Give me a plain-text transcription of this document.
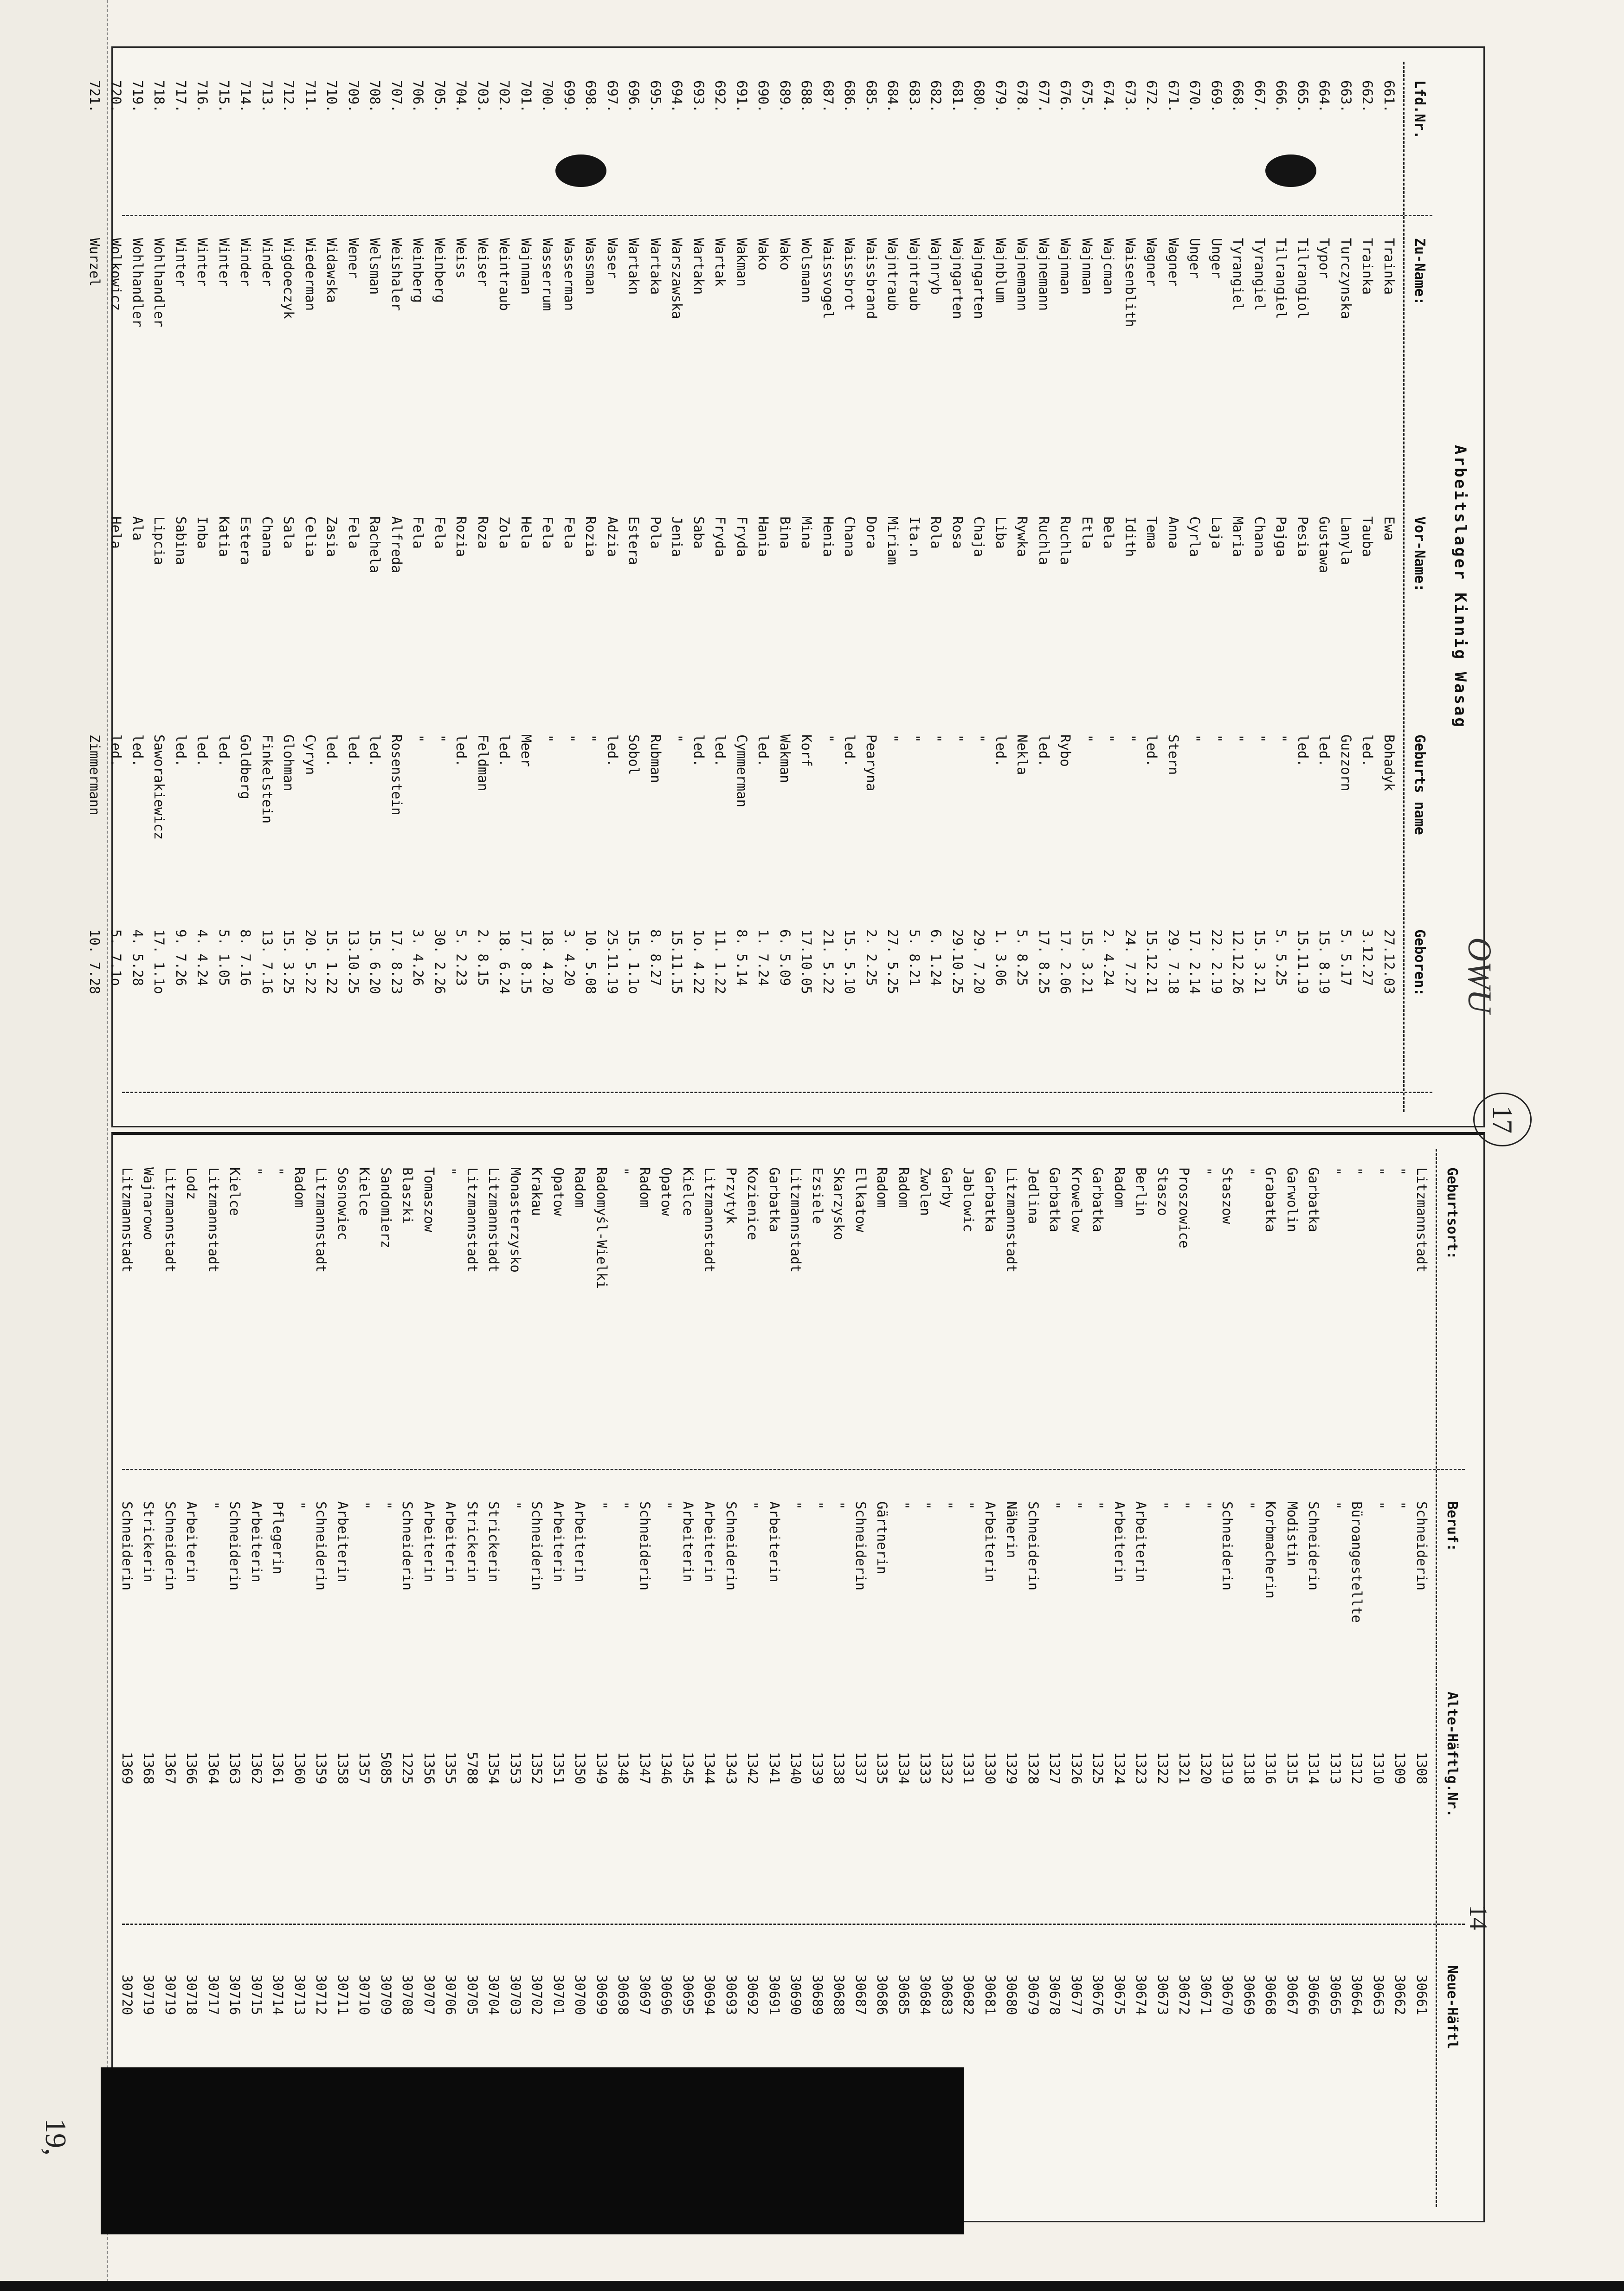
Arbeitslager Kinnig Wasag
Lfd.Nr.
Zu-Name:
Vor-Name:
Geburts name
Geboren:
661.
Trainka
Ewa
Bohadyk
27.12.03
662.
Trainka
Tauba
led.
3.12.27
663.
Turczynska
Lanyla
Guzzorn
5. 5.17
664.
Typor
Gustawa
led.
15. 8.19
665.
Tilrangiol
Pesia
led.
15.11.19
666.
Tilrangiel
Pajga
"
5. 5.25
667.
Tyrangiel
Chana
"
15. 3.21
668.
Tyrangiel
Maria
"
12.12.26
669.
Unger
Laja
"
22. 2.19
670.
Unger
Cyrla
"
17. 2.14
671.
Wagner
Anna
Stern
29. 7.18
672.
Wagner
Tema
led.
15.12.21
673.
Waisenblith
Idith
"
24. 7.27
674.
Wajcman
Bela
"
2. 4.24
675.
Wajnman
Etla
"
15. 3.21
676.
Wajnman
Ruchla
Rybo
17. 2.06
677.
Wajnemann
Ruchla
led.
17. 8.25
678.
Wajnemann
Rywka
Nekla
5. 8.25
679.
Wajnblum
Liba
led.
1. 3.06
680.
Wajngarten
Chaja
"
29. 7.20
681.
Wajngarten
Rosa
"
29.10.25
682.
Wajnryb
Rola
"
6. 1.24
683.
Wajntraub
Ita.n
"
5. 8.21
684.
Wajntraub
Miriam
"
27. 5.25
685.
Waissbrand
Dora
Pearyna
2. 2.25
686.
Waissbrot
Chana
led.
15. 5.10
687.
Waissvogel
Henia
"
21. 5.22
688.
Wolsmann
Mina
Korf
17.10.05
689.
Wako
Bina
Wakman
6. 5.09
690.
Wako
Hania
led.
1. 7.24
691.
Wakman
Fryda
Cymmerman
8. 5.14
692.
Wartak
Fryda
led.
11. 1.22
693.
Wartakn
Saba
led.
1o. 4.22
694.
Warszawska
Jenia
"
15.11.15
695.
Wartaka
Pola
Rubman
8. 8.27
696.
Wartakn
Estera
Sobol
15. 1.1o
697.
Waser
Adzia
led.
25.11.19
698.
Wassman
Rozia
"
10. 5.08
699.
Wasserman
Fela
"
3. 4.20
700.
Wasserrum
Fela
"
18. 4.20
701.
Wajnman
Hela
Meer
17. 8.15
702.
Weintraub
Zola
led.
18. 6.24
703.
Weiser
Roza
Feldman
2. 8.15
704.
Weiss
Rozia
led.
5. 2.23
705.
Weinberg
Fela
"
30. 2.26
706.
Weinberg
Fela
"
3. 4.26
707.
Weishaler
Alfreda
Rosenstein
17. 8.23
708.
Welsman
Rachela
led.
15. 6.20
709.
Wener
Fela
led.
13.10.25
710.
Widawska
Zasia
led.
15. 1.22
711.
Wiederman
Celia
Cyryn
20. 5.22
712.
Wigdoeczyk
Sala
Glohman
15. 3.25
713.
Winder
Chana
Finkelstein
13. 7.16
714.
Winder
Estera
Goldberg
8. 7.16
715.
Winter
Katia
led.
5. 1.05
716.
Winter
Inba
led.
4. 4.24
717.
Winter
Sabina
led.
9. 7.26
718.
Wohlhandler
Lipcia
Saworakiewicz
17. 1.1o
719.
Wohlhandler
Ala
led.
4. 5.28
720.
Wolkowicz
Hela
led.
5. 7.1o
721.
Wurzel
Zimmermann
10. 7.28
Geburtsort:
Beruf:
Alte-Häftlg.Nr.
Neue-Häftl
Litzmannstadt
Schneiderin
1308
30661
"
"
1309
30662
"
"
1310
30663
"
Büroangestellte
1312
30664
"
"
1313
30665
Garbatka
Schneiderin
1314
30666
Garwolin
Modistin
1315
30667
Grabatka
Korbmacherin
1316
30668
"
"
1318
30669
Staszow
Schneiderin
1319
30670
"
"
1320
30671
Proszowice
"
1321
30672
Staszo
"
1322
30673
Berlin
Arbeiterin
1323
30674
Radom
Arbeiterin
1324
30675
Garbatka
"
1325
30676
Krowelow
"
1326
30677
Garbatka
"
1327
30678
Jedlina
Schneiderin
1328
30679
Litzmannstadt
Näherin
1329
30680
Garbatka
Arbeiterin
1330
30681
Jablowic
"
1331
30682
Garby
"
1332
30683
Zwolen
"
1333
30684
Radom
"
1334
30685
Radom
Gärtnerin
1335
30686
Ellkatow
Schneiderin
1337
30687
Skarzysko
"
1338
30688
Ezsiele
"
1339
30689
Litzmannstadt
"
1340
30690
Garbatka
Arbeiterin
1341
30691
Kozienice
"
1342
30692
Przytyk
Schneiderin
1343
30693
Litzmannstadt
Arbeiterin
1344
30694
Kielce
Arbeiterin
1345
30695
Opatow
"
1346
30696
Radom
Schneiderin
1347
30697
"
"
1348
30698
Radomyśl-Wielki
"
1349
30699
Radom
Arbeiterin
1350
30700
Opatow
Arbeiterin
1351
30701
Krakau
Schneiderin
1352
30702
Monasterzysko
"
1353
30703
Litzmannstadt
Strickerin
1354
30704
Litzmannstadt
Strickerin
5788
30705
"
Arbeiterin
1355
30706
Tomaszow
Arbeiterin
1356
30707
Blaszki
Schneiderin
1225
30708
Sandomierz
"
5085
30709
Kielce
"
1357
30710
Sosnowiec
Arbeiterin
1358
30711
Litzmannstadt
Schneiderin
1359
30712
Radom
"
1360
30713
"
Pflegerin
1361
30714
"
Arbeiterin
1362
30715
Kielce
Schneiderin
1363
30716
Litzmannstadt
"
1364
30717
Lodz
Arbeiterin
1366
30718
Litzmannstadt
Schneiderin
1367
30719
Wajnarowo
Strickerin
1368
30719
Litzmannstadt
Schneiderin
1369
30720
14
19,
17
OWU
